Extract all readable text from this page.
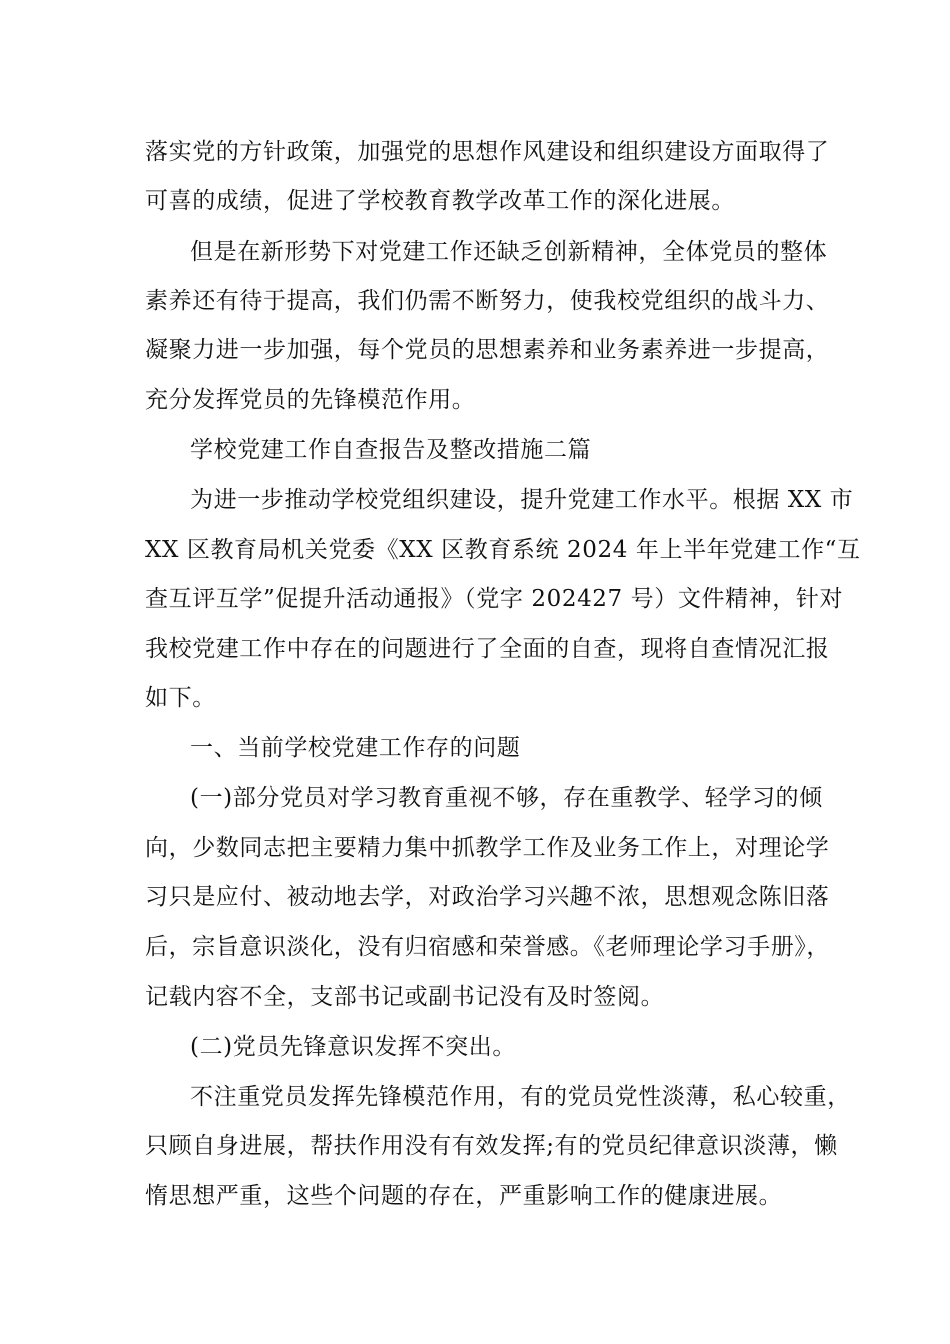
落实党的方针政策，加强党的思想作风建设和组织建设方面取得了
可喜的成绩，促进了学校教育教学改革工作的深化进展。
但是在新形势下对党建工作还缺乏创新精神，全体党员的整体
素养还有待于提高，我们仍需不断努力，使我校党组织的战斗力、
凝聚力进一步加强，每个党员的思想素养和业务素养进一步提高，
充分发挥党员的先锋模范作用。
学校党建工作自查报告及整改措施二篇
为进一步推动学校党组织建设，提升党建工作水平。根据 XX 市
XX 区教育局机关党委《XX 区教育系统 2024 年上半年党建工作“互
查互评互学”促提升活动通报》（党字 202427 号）文件精神，针对
我校党建工作中存在的问题进行了全面的自查，现将自查情况汇报
如下。
一、当前学校党建工作存的问题
(一)部分党员对学习教育重视不够，存在重教学、轻学习的倾
向，少数同志把主要精力集中抓教学工作及业务工作上，对理论学
习只是应付、被动地去学，对政治学习兴趣不浓，思想观念陈旧落
后，宗旨意识淡化，没有归宿感和荣誉感。《老师理论学习手册》，
记载内容不全，支部书记或副书记没有及时签阅。
(二)党员先锋意识发挥不突出。
不注重党员发挥先锋模范作用，有的党员党性淡薄，私心较重，
只顾自身进展，帮扶作用没有有效发挥;有的党员纪律意识淡薄，懒
惰思想严重，这些个问题的存在，严重影响工作的健康进展。
